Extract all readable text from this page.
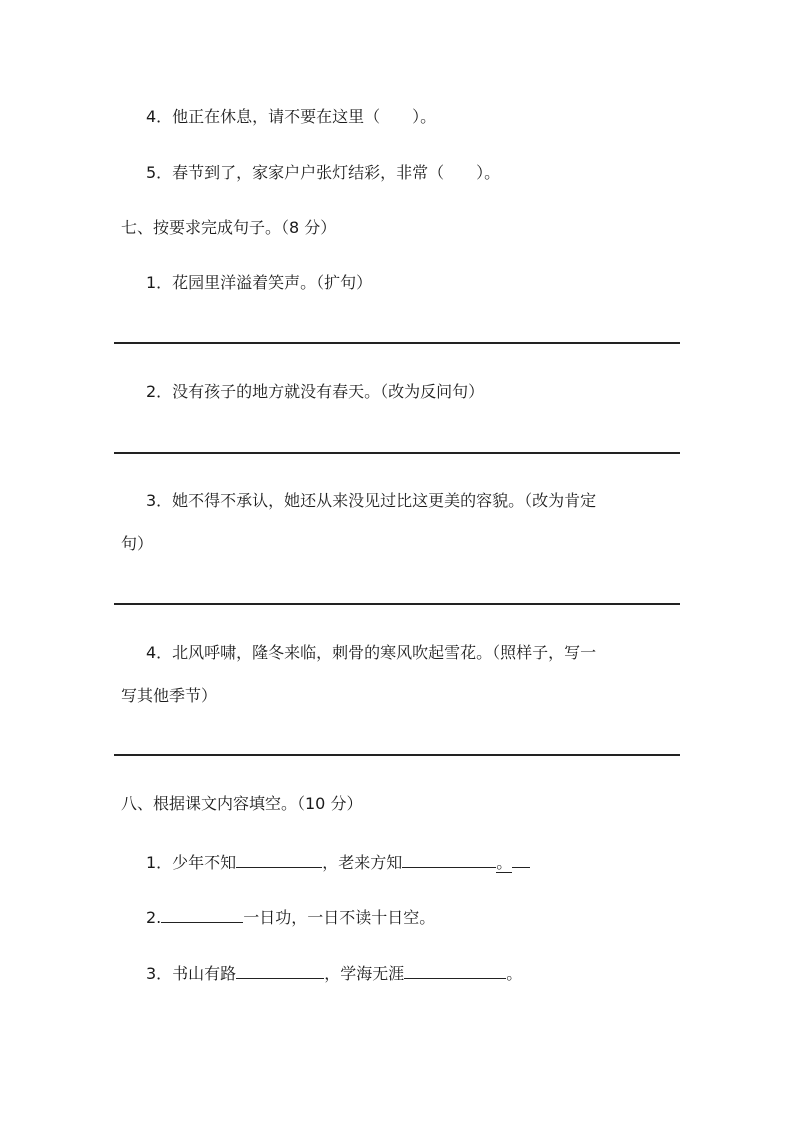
4．他正在休息，请不要在这里（　　）。
5．春节到了，家家户户张灯结彩，非常（　　）。
七、按要求完成句子。（8 分）
1．花园里洋溢着笑声。（扩句）
2．没有孩子的地方就没有春天。（改为反问句）
3．她不得不承认，她还从来没见过比这更美的容貌。（改为肯定
句）
4．北风呼啸，隆冬来临，刺骨的寒风吹起雪花。（照样子，写一
写其他季节）
八、根据课文内容填空。（10 分）
1．少年不知	，老来方知	。
2.	一日功，一日不读十日空。
3．书山有路	，学海无涯	。
